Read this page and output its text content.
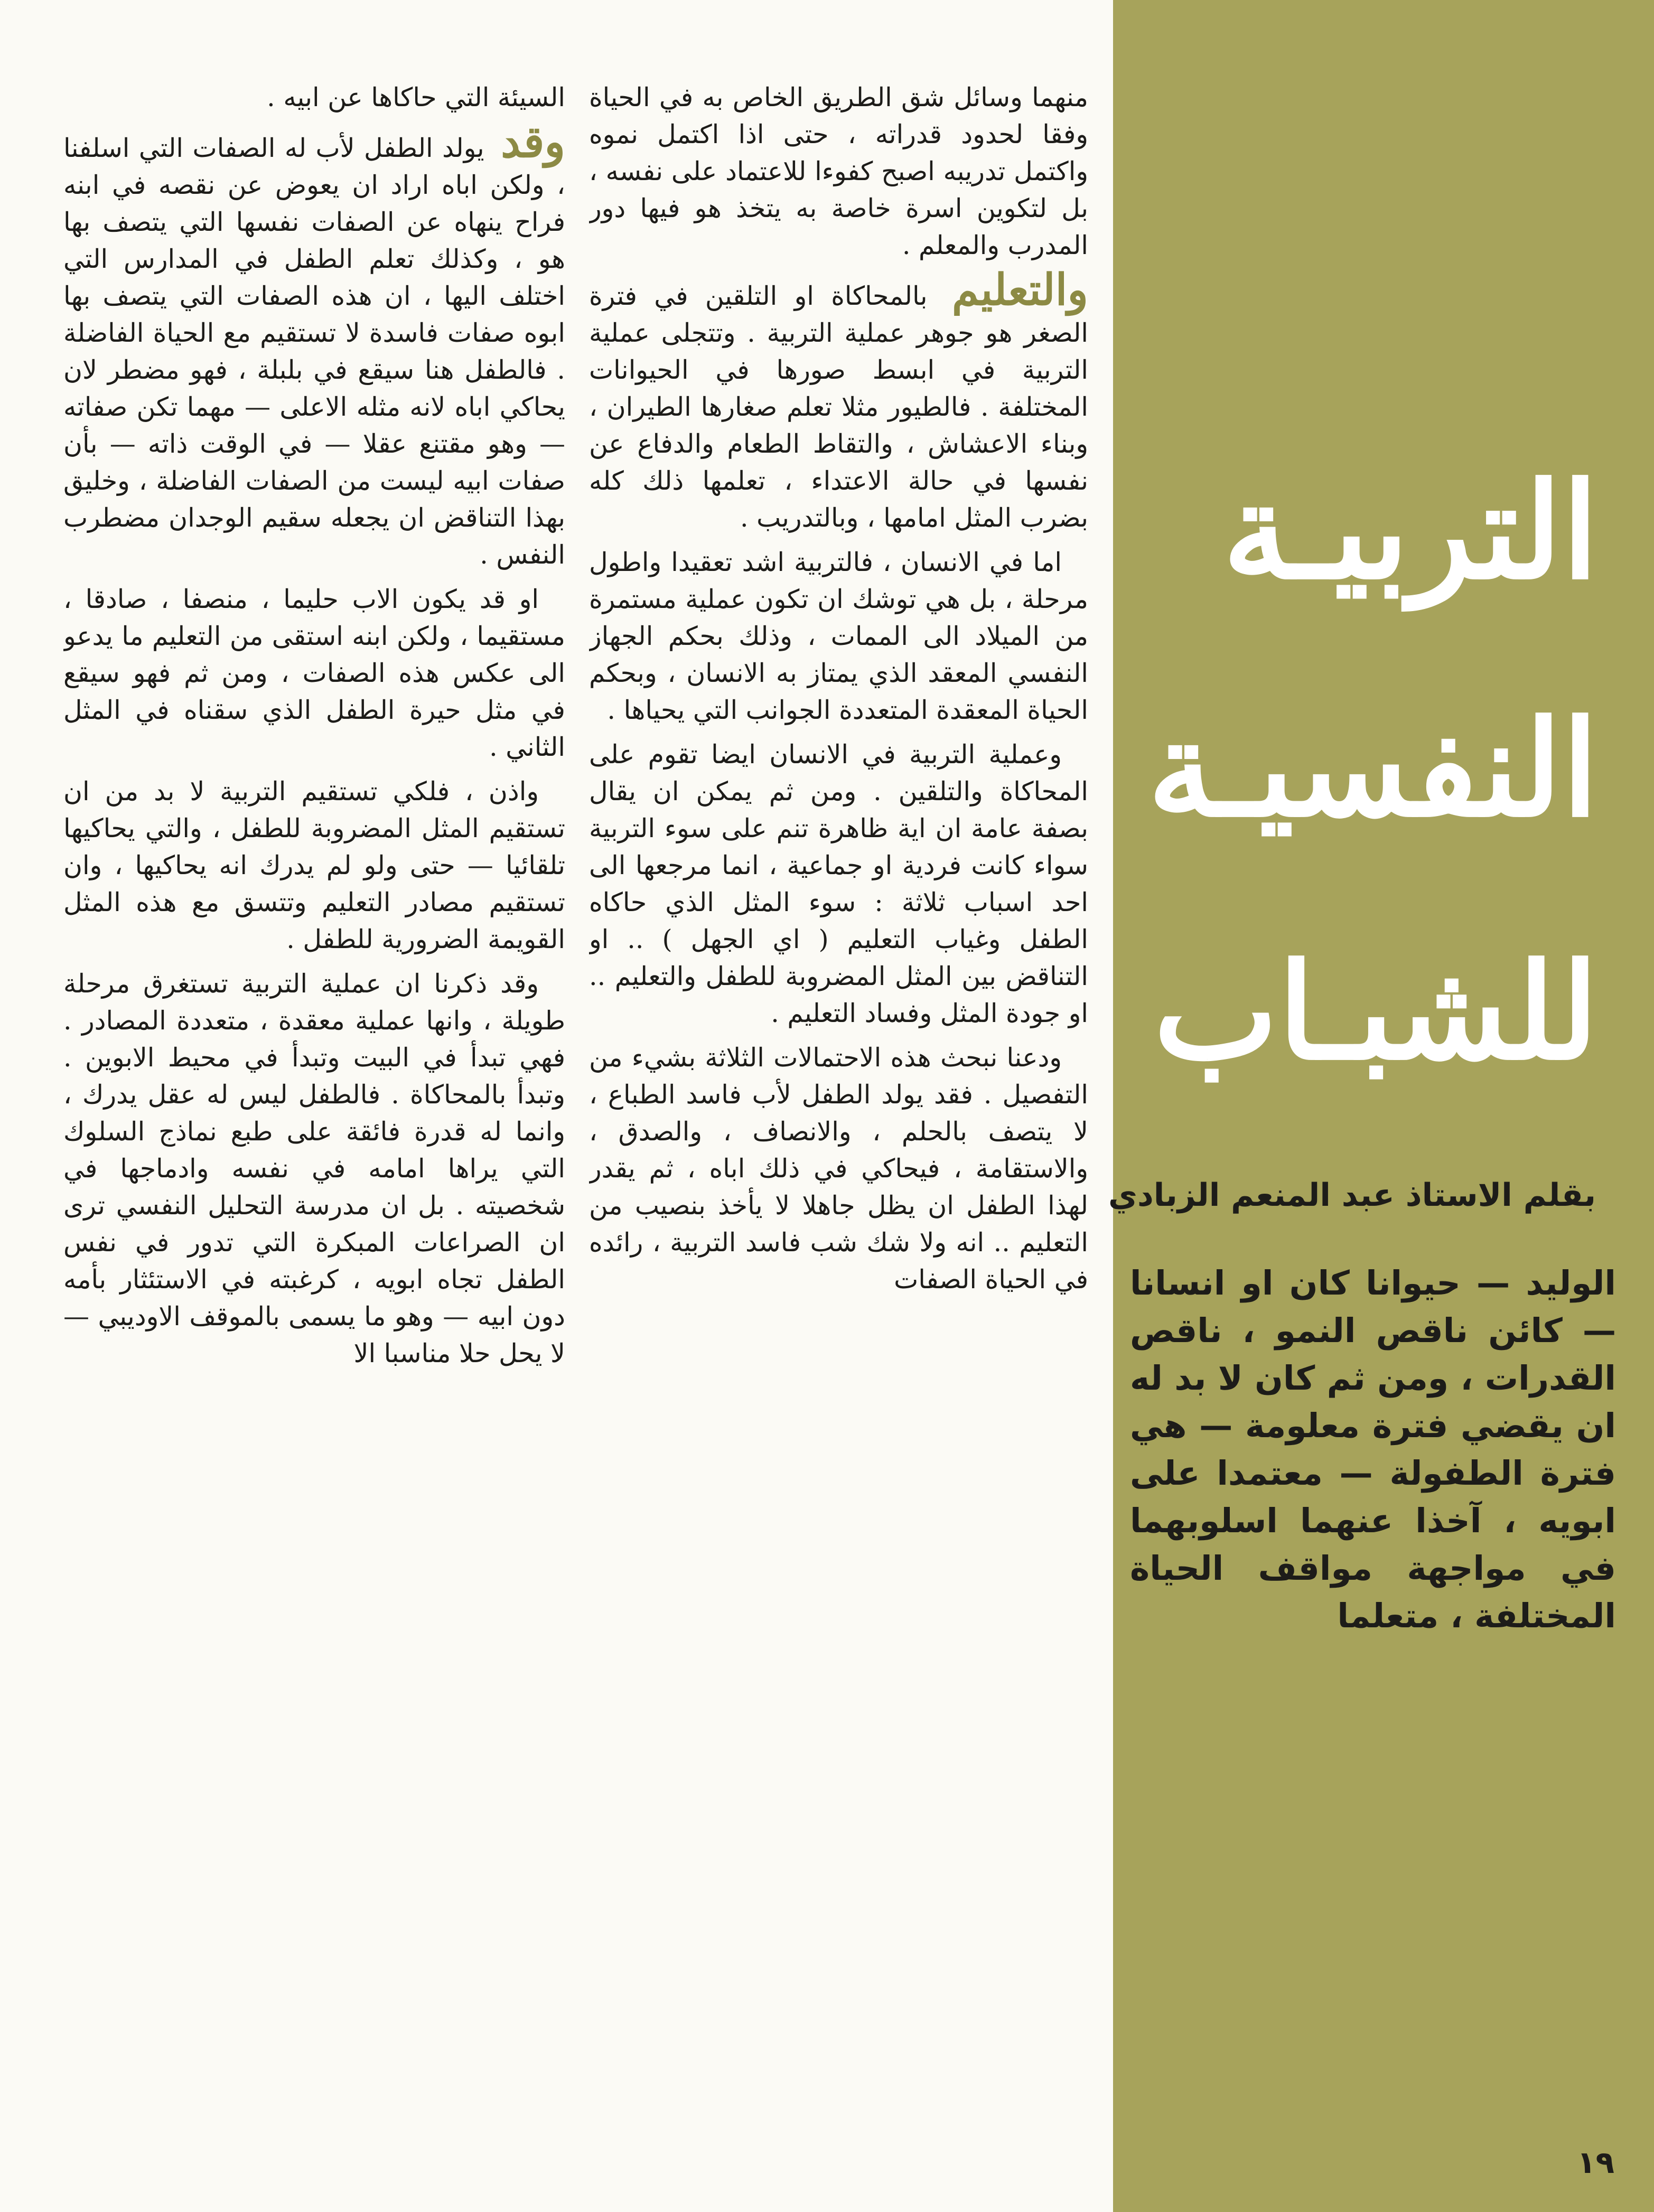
السيئة التي حاكاها عن ابيه .

وقد يولد الطفل لأب له الصفات التي اسلفنا ، ولكن اباه اراد ان يعوض عن نقصه في ابنه فراح ينهاه عن الصفات نفسها التي يتصف بها هو ، وكذلك تعلم الطفل في المدارس التي اختلف اليها ، ان هذه الصفات التي يتصف بها ابوه صفات فاسدة لا تستقيم مع الحياة الفاضلة . فالطفل هنا سيقع في بلبلة ، فهو مضطر لان يحاكي اباه لانه مثله الاعلى — مهما تكن صفاته — وهو مقتنع عقلا — في الوقت ذاته — بأن صفات ابيه ليست من الصفات الفاضلة ، وخليق بهذا التناقض ان يجعله سقيم الوجدان مضطرب النفس .

او قد يكون الاب حليما ، منصفا ، صادقا ، مستقيما ، ولكن ابنه استقى من التعليم ما يدعو الى عكس هذه الصفات ، ومن ثم فهو سيقع في مثل حيرة الطفل الذي سقناه في المثل الثاني .

واذن ، فلكي تستقيم التربية لا بد من ان تستقيم المثل المضروبة للطفل ، والتي يحاكيها تلقائيا — حتى ولو لم يدرك انه يحاكيها ، وان تستقيم مصادر التعليم وتتسق مع هذه المثل القويمة الضرورية للطفل .

وقد ذكرنا ان عملية التربية تستغرق مرحلة طويلة ، وانها عملية معقدة ، متعددة المصادر . فهي تبدأ في البيت وتبدأ في محيط الابوين . وتبدأ بالمحاكاة . فالطفل ليس له عقل يدرك ، وانما له قدرة فائقة على طبع نماذج السلوك التي يراها امامه في نفسه وادماجها في شخصيته . بل ان مدرسة التحليل النفسي ترى ان الصراعات المبكرة التي تدور في نفس الطفل تجاه ابويه ، كرغبته في الاستئثار بأمه دون ابيه — وهو ما يسمى بالموقف الاوديبي — لا يحل حلا مناسبا الا

منهما وسائل شق الطريق الخاص به في الحياة وفقا لحدود قدراته ، حتى اذا اكتمل نموه واكتمل تدريبه اصبح كفوءا للاعتماد على نفسه ، بل لتكوين اسرة خاصة به يتخذ هو فيها دور المدرب والمعلم .

والتعليم بالمحاكاة او التلقين في فترة الصغر هو جوهر عملية التربية . وتتجلى عملية التربية في ابسط صورها في الحيوانات المختلفة . فالطيور مثلا تعلم صغارها الطيران ، وبناء الاعشاش ، والتقاط الطعام والدفاع عن نفسها في حالة الاعتداء ، تعلمها ذلك كله بضرب المثل امامها ، وبالتدريب .

اما في الانسان ، فالتربية اشد تعقيدا واطول مرحلة ، بل هي توشك ان تكون عملية مستمرة من الميلاد الى الممات ، وذلك بحكم الجهاز النفسي المعقد الذي يمتاز به الانسان ، وبحكم الحياة المعقدة المتعددة الجوانب التي يحياها .

وعملية التربية في الانسان ايضا تقوم على المحاكاة والتلقين . ومن ثم يمكن ان يقال بصفة عامة ان اية ظاهرة تنم على سوء التربية سواء كانت فردية او جماعية ، انما مرجعها الى احد اسباب ثلاثة : سوء المثل الذي حاكاه الطفل وغياب التعليم ( اي الجهل ) .. او التناقض بين المثل المضروبة للطفل والتعليم .. او جودة المثل وفساد التعليم .

ودعنا نبحث هذه الاحتمالات الثلاثة بشيء من التفصيل . فقد يولد الطفل لأب فاسد الطباع ، لا يتصف بالحلم ، والانصاف ، والصدق ، والاستقامة ، فيحاكي في ذلك اباه ، ثم يقدر لهذا الطفل ان يظل جاهلا لا يأخذ بنصيب من التعليم .. انه ولا شك شب فاسد التربية ، رائده في الحياة الصفات

التربيـة
النفسيـة
للشبـاب
بقلم الاستاذ عبد المنعم الزبادي
الوليد — حيوانا كان او انسانا — كائن ناقص النمو ، ناقص القدرات ، ومن ثم كان لا بد له ان يقضي فترة معلومة — هي فترة الطفولة — معتمدا على ابويه ، آخذا عنهما اسلوبهما في مواجهة مواقف الحياة المختلفة ، متعلما
١٩
